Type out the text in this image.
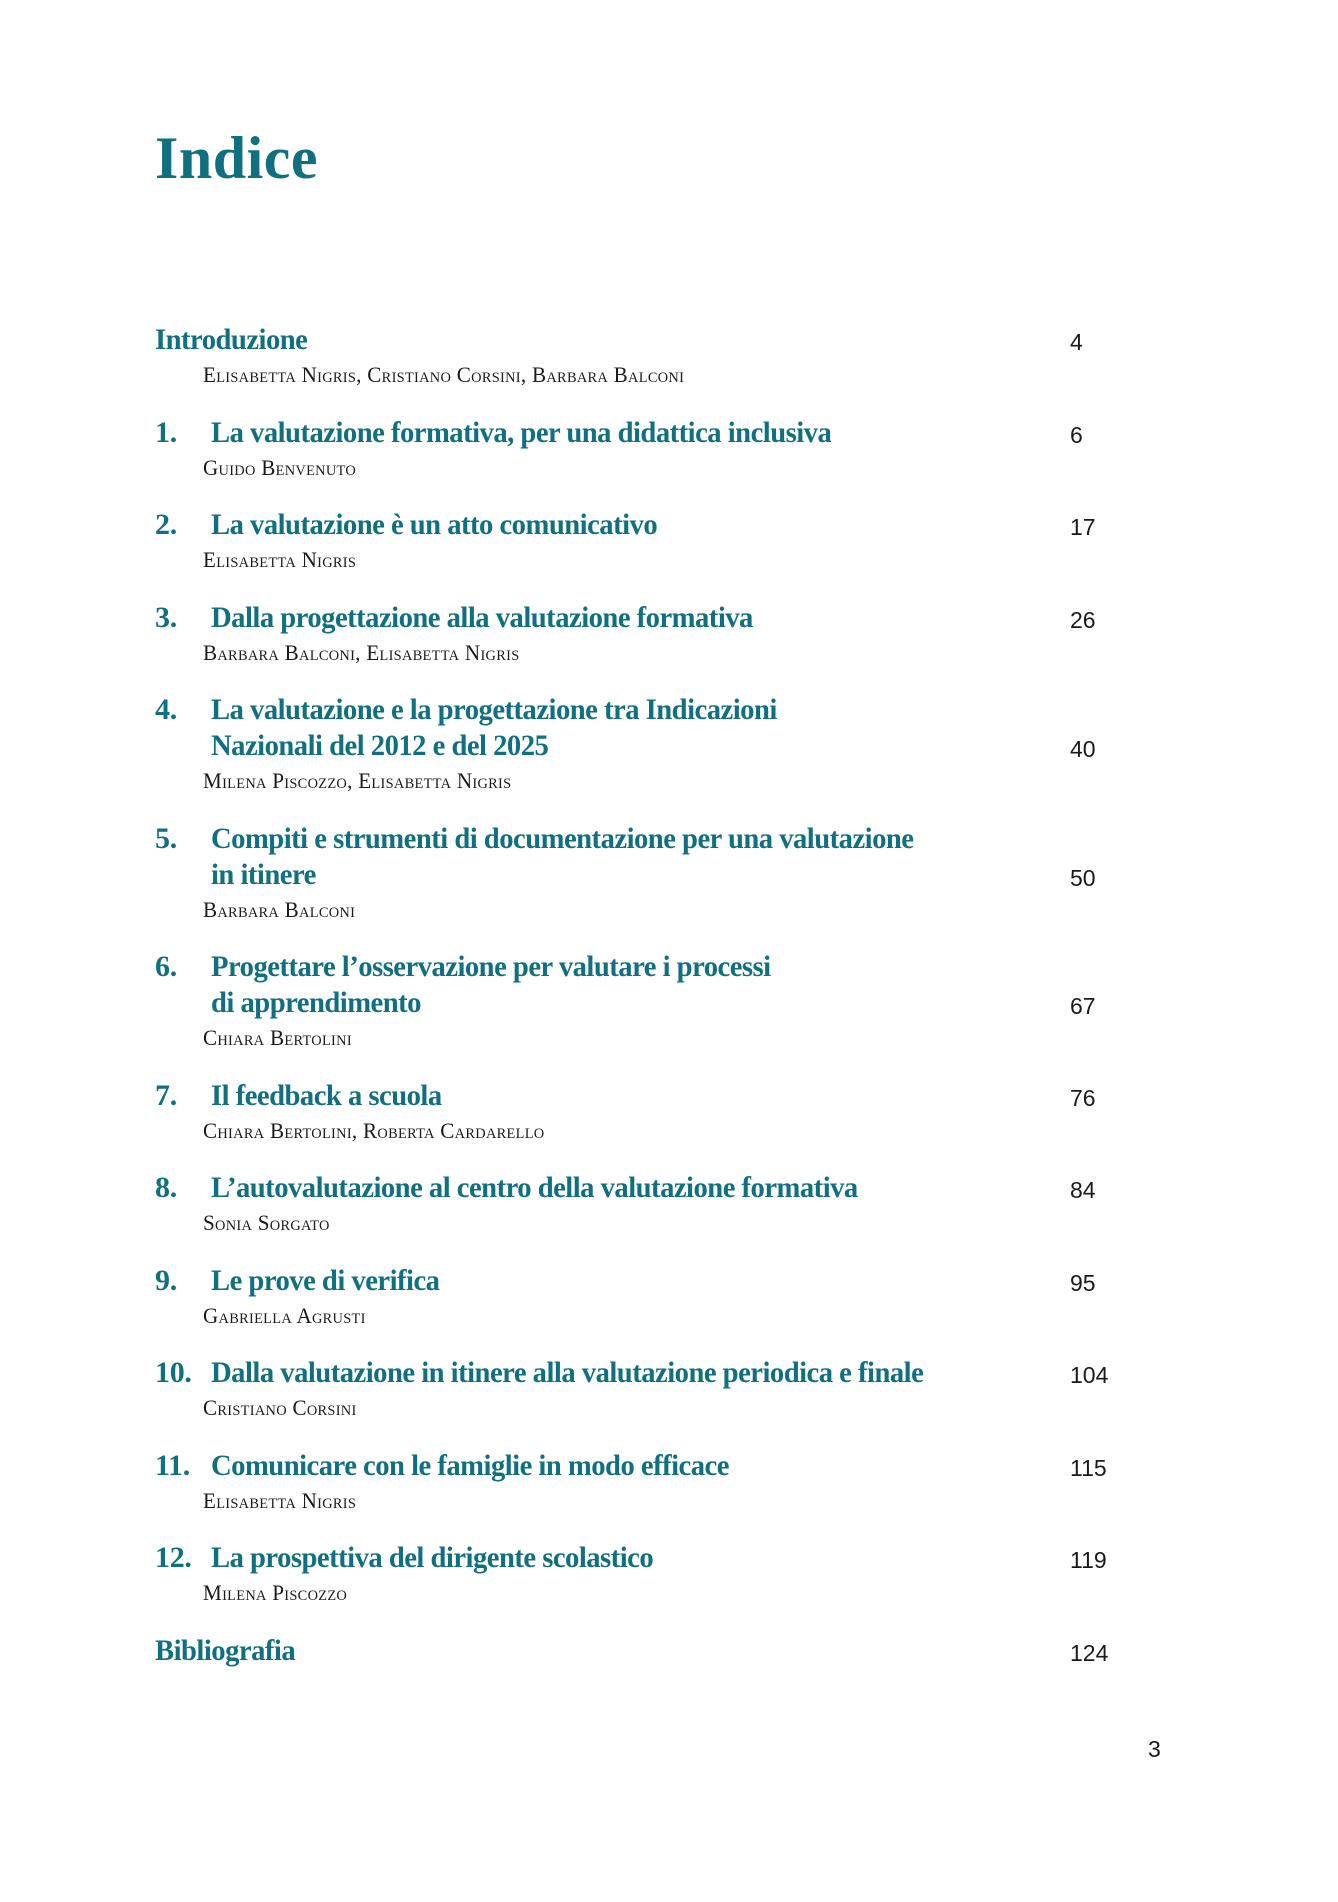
Indice
Introduzione	4
Elisabetta Nigris, Cristiano Corsini, Barbara Balconi
1.	La valutazione formativa, per una didattica inclusiva	6
Guido Benvenuto
2.	La valutazione è un atto comunicativo	17
Elisabetta Nigris
3.	Dalla progettazione alla valutazione formativa	26
Barbara Balconi, Elisabetta Nigris
4.	La valutazione e la progettazione tra Indicazioni
Nazionali del 2012 e del 2025	40
Milena Piscozzo, Elisabetta Nigris
5.	Compiti e strumenti di documentazione per una valutazione
in itinere	50
Barbara Balconi
6.	Progettare l’osservazione per valutare i processi
di apprendimento	67
Chiara Bertolini
7.	Il feedback a scuola	76
Chiara Bertolini, Roberta Cardarello
8.	L’autovalutazione al centro della valutazione formativa	84
Sonia Sorgato
9.	Le prove di verifica	95
Gabriella Agrusti
10. Dalla valutazione in itinere alla valutazione periodica e finale	104
Cristiano Corsini
11. Comunicare con le famiglie in modo efficace	115
Elisabetta Nigris
12. La prospettiva del dirigente scolastico	119
Milena Piscozzo
Bibliografia	124
3
